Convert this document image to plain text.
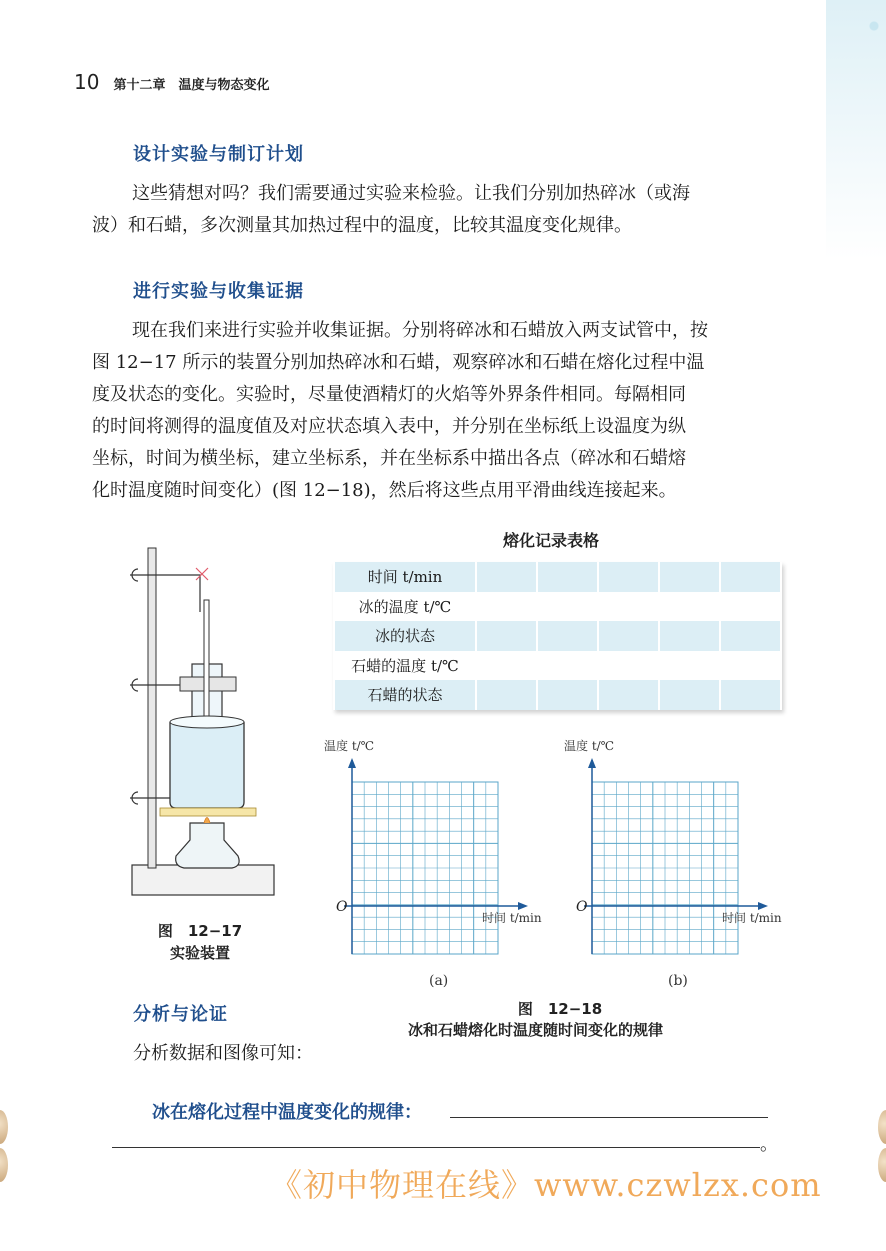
10 第十二章　温度与物态变化
设计实验与制订计划
这些猜想对吗？我们需要通过实验来检验。让我们分别加热碎冰（或海
波）和石蜡，多次测量其加热过程中的温度，比较其温度变化规律。
进行实验与收集证据
现在我们来进行实验并收集证据。分别将碎冰和石蜡放入两支试管中，按
图 12−17 所示的装置分别加热碎冰和石蜡，观察碎冰和石蜡在熔化过程中温
度及状态的变化。实验时，尽量使酒精灯的火焰等外界条件相同。每隔相同
的时间将测得的温度值及对应状态填入表中，并分别在坐标纸上设温度为纵
坐标，时间为横坐标，建立坐标系，并在坐标系中描出各点（碎冰和石蜡熔
化时温度随时间变化）(图 12−18)，然后将这些点用平滑曲线连接起来。
熔化记录表格
时间 t/min					
冰的温度 t/℃					
冰的状态					
石蜡的温度 t/℃					
石蜡的状态					
图　12−17
实验装置
温度 t/℃
时间 t/min
O
温度 t/℃
时间 t/min
O
(a)	(b)
图　12−18
冰和石蜡熔化时温度随时间变化的规律
分析与论证
分析数据和图像可知：
冰在熔化过程中温度变化的规律：
。
《初中物理在线》www.czwlzx.com
